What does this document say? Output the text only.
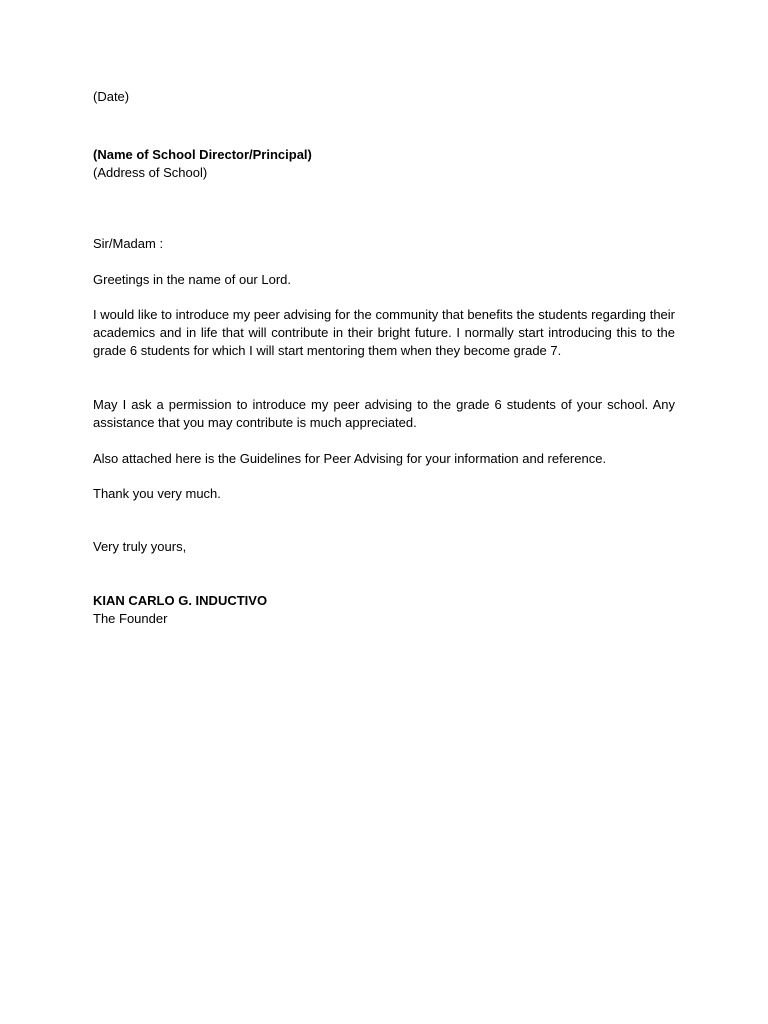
(Date)

(Name of School Director/Principal)

(Address of School)

Sir/Madam :

Greetings in the name of our Lord.

I would like to introduce my peer advising for the community that benefits the students regarding their academics and in life that will contribute in their bright future. I normally start introducing this to the grade 6 students for which I will start mentoring them when they become grade 7.

May I ask a permission to introduce my peer advising to the grade 6 students of your school. Any assistance that you may contribute is much appreciated.

Also attached here is the Guidelines for Peer Advising for your information and reference.

Thank you very much.

Very truly yours,

KIAN CARLO G. INDUCTIVO

The Founder
